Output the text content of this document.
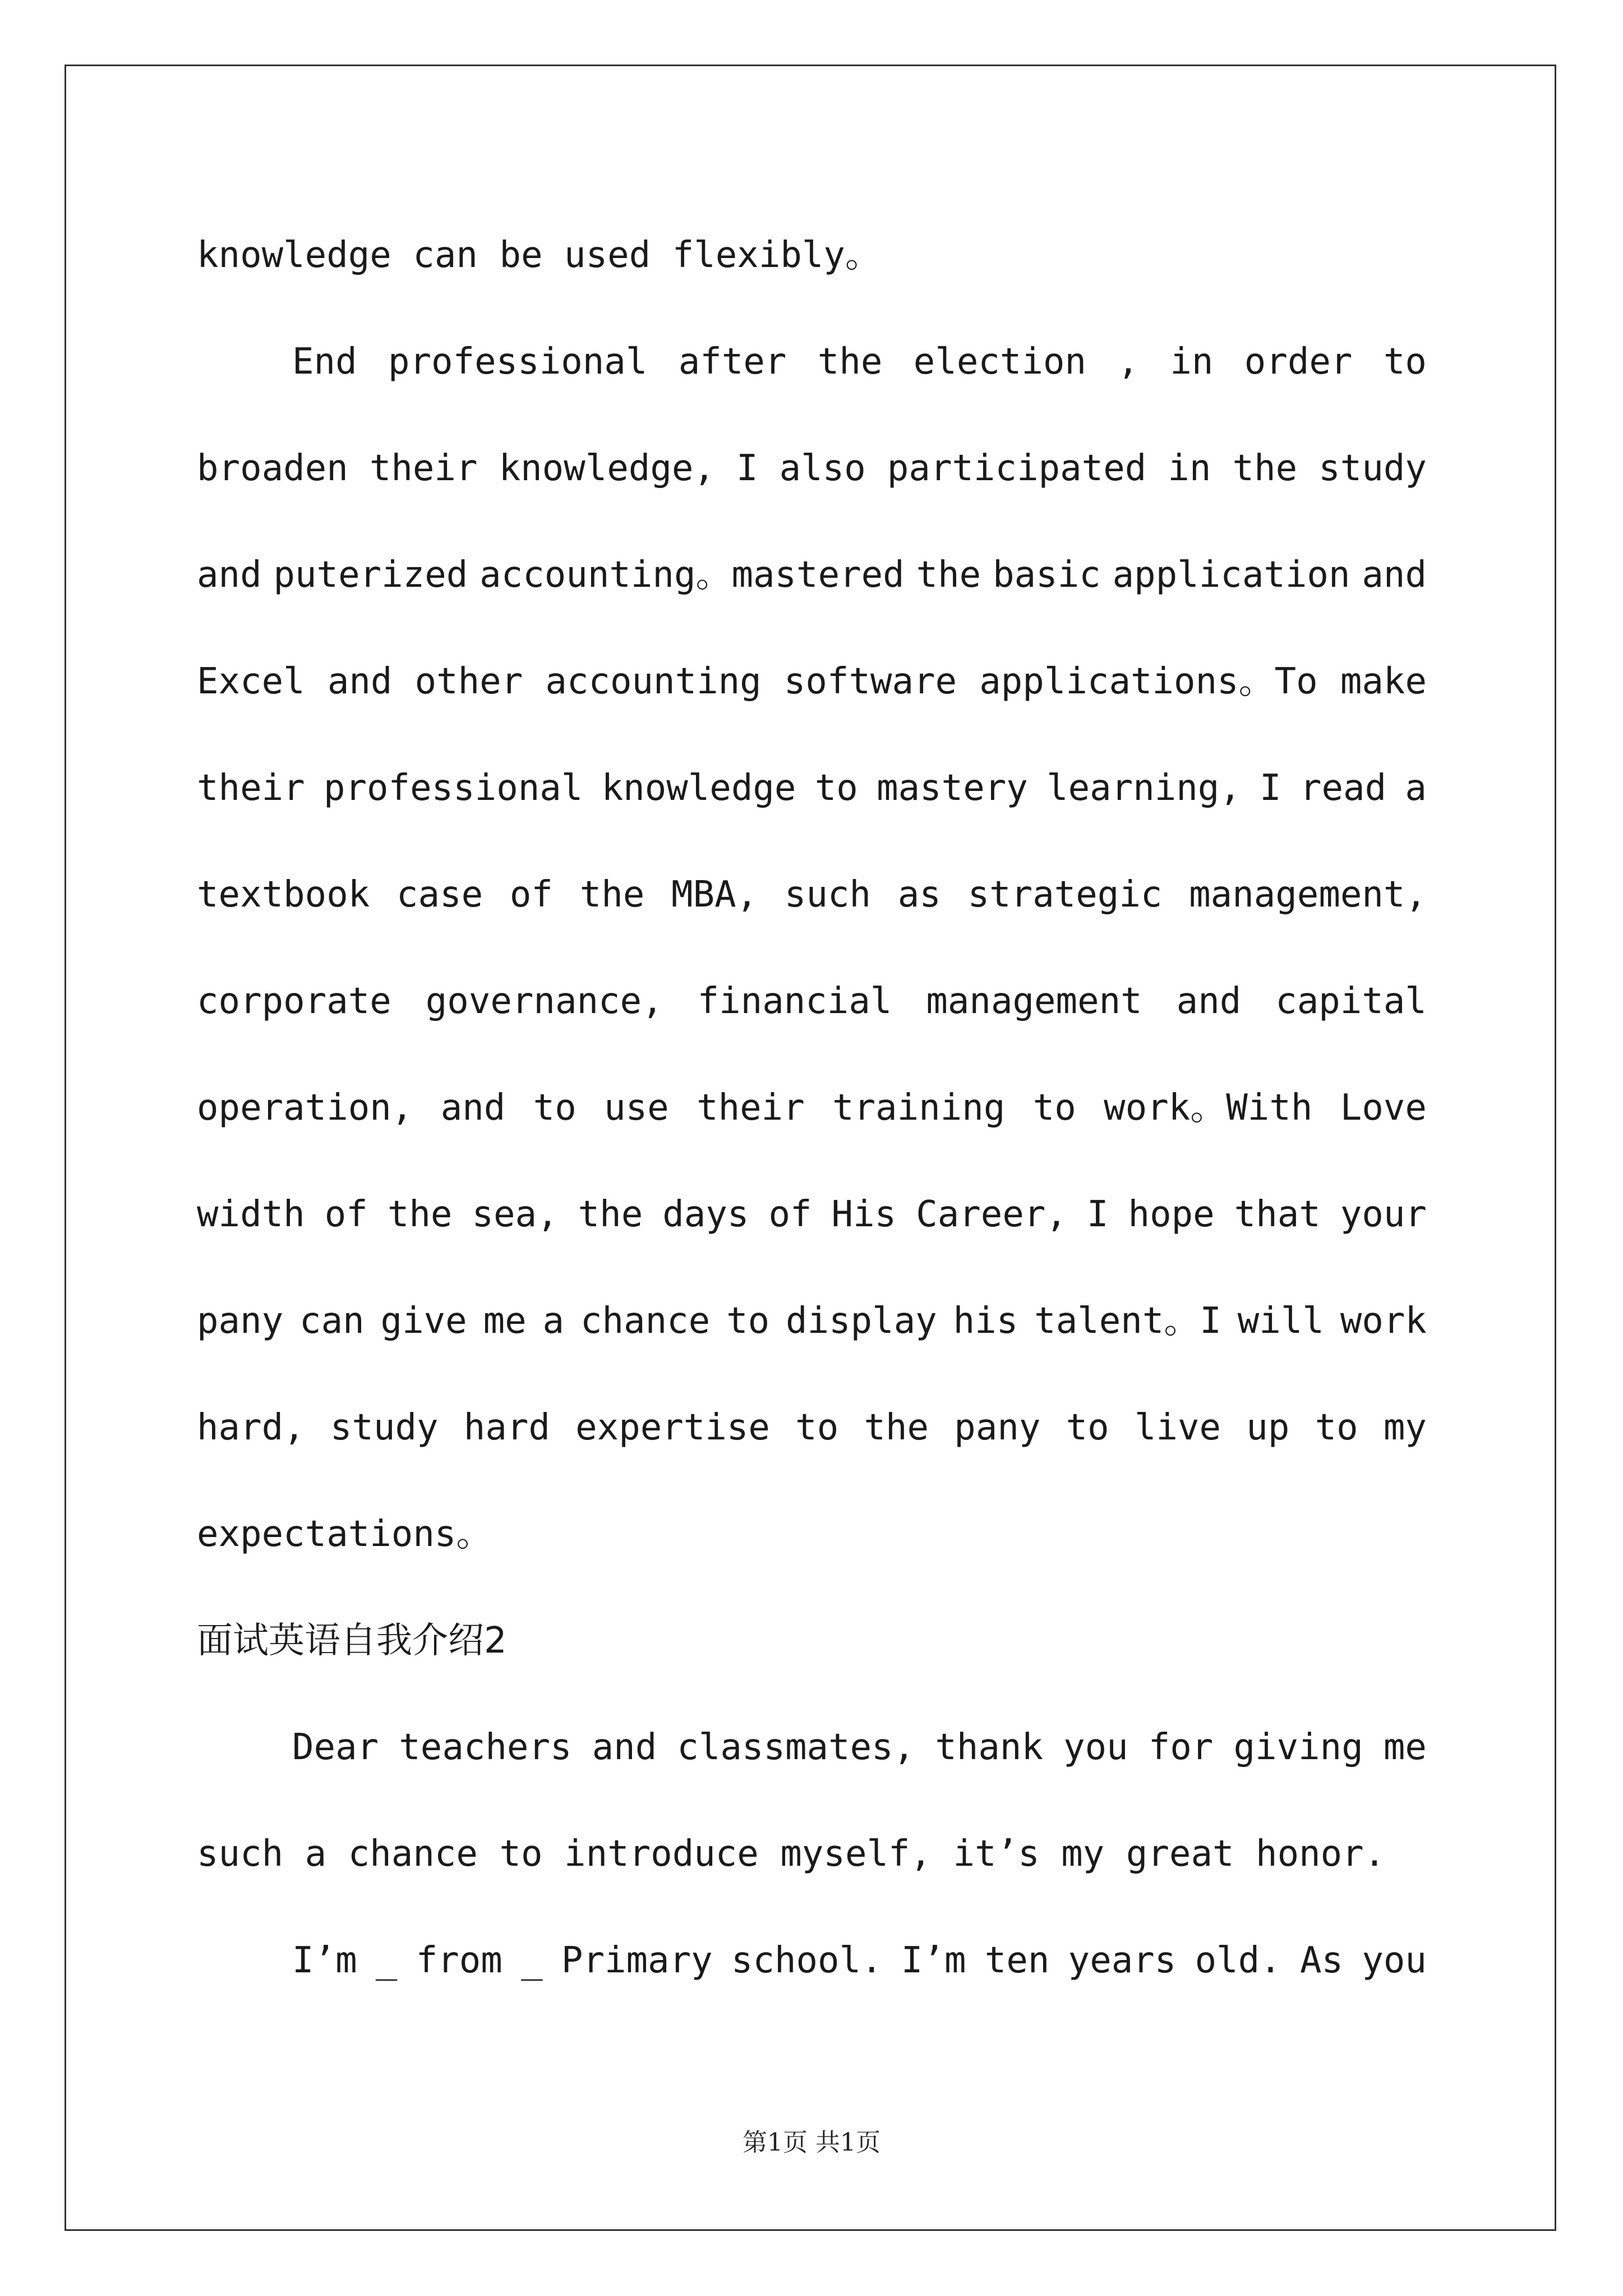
knowledge can be used flexibly。
End professional after the election , in order to
broaden their knowledge, I also participated in the study
and puterized accounting。mastered the basic application and
Excel and other accounting software applications。To make
their professional knowledge to mastery learning, I read a
textbook case of the MBA, such as strategic management,
corporate governance, financial management and capital
operation, and to use their training to work。With Love
width of the sea, the days of His Career, I hope that your
pany can give me a chance to display his talent。I will work
hard, study hard expertise to the pany to live up to my
expectations。
面试英语自我介绍2
Dear teachers and classmates, thank you for giving me
such a chance to introduce myself, it’s my great honor.
I’m _ from _ Primary school. I’m ten years old. As you
第1页 共1页
